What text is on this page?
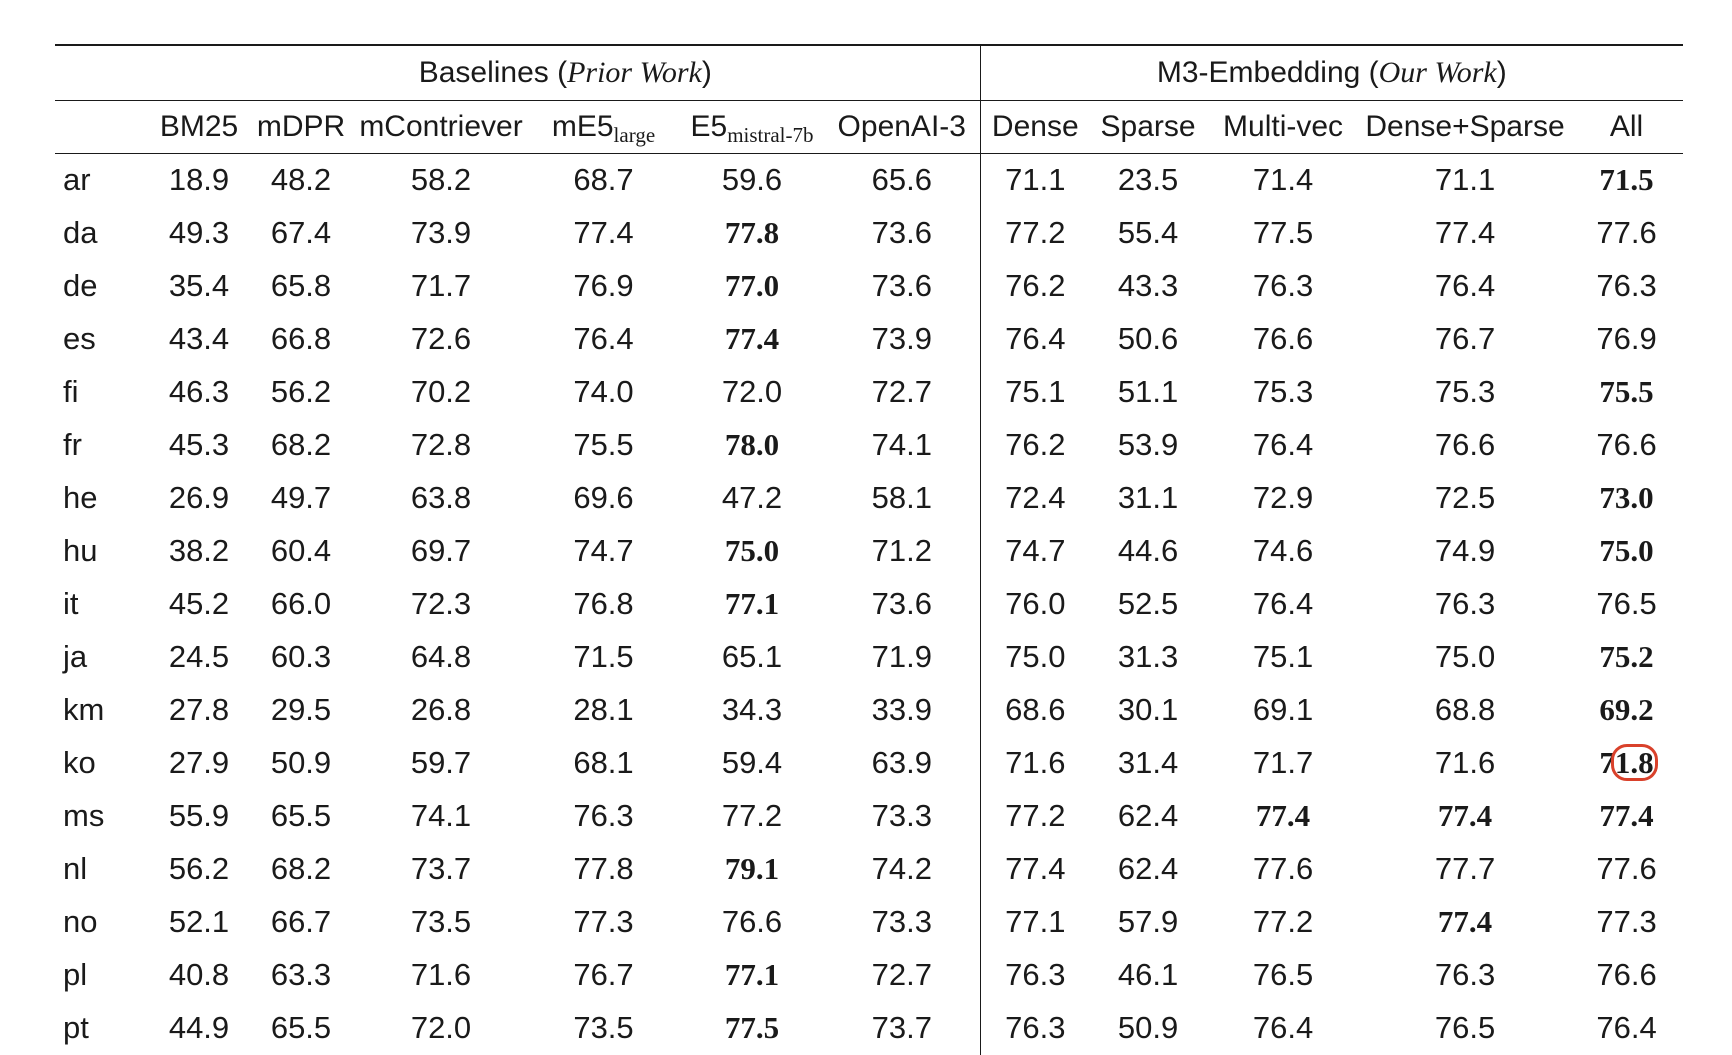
	Baselines (Prior Work)						M3-Embedding (Our Work)				
	BM25	mDPR	mContriever	$mE5_{large}$	$E5_{mistral-7b}$	OpenAI-3	Dense	Sparse	Multi-vec	Dense+Sparse	All
ar	18.9	48.2	58.2	68.7	59.6	65.6	71.1	23.5	71.4	71.1	71.5
da	49.3	67.4	73.9	77.4	77.8	73.6	77.2	55.4	77.5	77.4	77.6
de	35.4	65.8	71.7	76.9	77.0	73.6	76.2	43.3	76.3	76.4	76.3
es	43.4	66.8	72.6	76.4	77.4	73.9	76.4	50.6	76.6	76.7	76.9
fi	46.3	56.2	70.2	74.0	72.0	72.7	75.1	51.1	75.3	75.3	75.5
fr	45.3	68.2	72.8	75.5	78.0	74.1	76.2	53.9	76.4	76.6	76.6
he	26.9	49.7	63.8	69.6	47.2	58.1	72.4	31.1	72.9	72.5	73.0
hu	38.2	60.4	69.7	74.7	75.0	71.2	74.7	44.6	74.6	74.9	75.0
it	45.2	66.0	72.3	76.8	77.1	73.6	76.0	52.5	76.4	76.3	76.5
ja	24.5	60.3	64.8	71.5	65.1	71.9	75.0	31.3	75.1	75.0	75.2
km	27.8	29.5	26.8	28.1	34.3	33.9	68.6	30.1	69.1	68.8	69.2
ko	27.9	50.9	59.7	68.1	59.4	63.9	71.6	31.4	71.7	71.6	71.8
ms	55.9	65.5	74.1	76.3	77.2	73.3	77.2	62.4	77.4	77.4	77.4
nl	56.2	68.2	73.7	77.8	79.1	74.2	77.4	62.4	77.6	77.7	77.6
no	52.1	66.7	73.5	77.3	76.6	73.3	77.1	57.9	77.2	77.4	77.3
pl	40.8	63.3	71.6	76.7	77.1	72.7	76.3	46.1	76.5	76.3	76.6
pt	44.9	65.5	72.0	73.5	77.5	73.7	76.3	50.9	76.4	76.5	76.4
